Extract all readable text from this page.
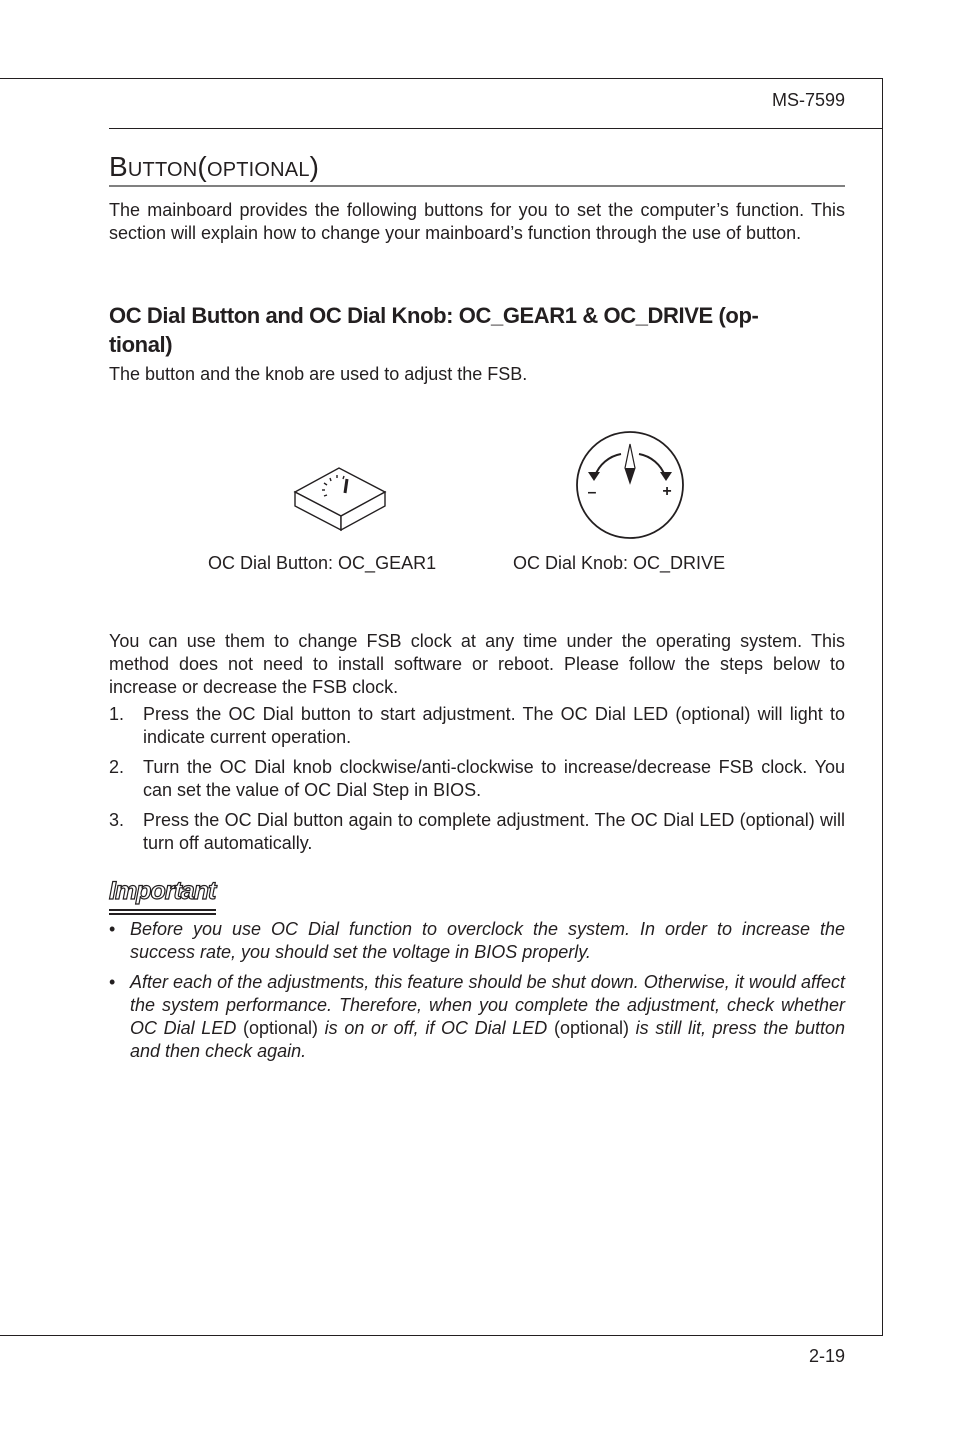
MS-7599
BUTTON(OPTIONAL)

The mainboard provides the following buttons for you to set the computer’s function. This section will explain how to change your mainboard’s function through the use of button.

OC Dial Button and OC Dial Knob: OC_GEAR1 & OC_DRIVE (op-
tional)

The button and the knob are used to adjust the FSB.

–	+
OC Dial Button: OC_GEAR1	OC Dial Knob: OC_DRIVE

You can use them to change FSB clock at any time under the operating system. This method does not need to install software or reboot. Please follow the steps below to increase or decrease the FSB clock.

1. Press the OC Dial button to start adjustment. The OC Dial LED (optional) will light to indicate current operation.
2. Turn the OC Dial knob clockwise/anti-clockwise to increase/decrease FSB clock. You can set the value of OC Dial Step in BIOS.
3. Press the OC Dial button again to complete adjustment. The OC Dial LED (optional) will turn off automatically.
Important
• Before you use OC Dial function to overclock the system. In order to increase the success rate, you should set the voltage in BIOS properly.
• After each of the adjustments, this feature should be shut down. Otherwise, it would affect the system performance. Therefore, when you complete the adjustment, check whether OC Dial LED (optional) is on or off, if OC Dial LED (optional) is still lit, press the button and then check again.
2-19
